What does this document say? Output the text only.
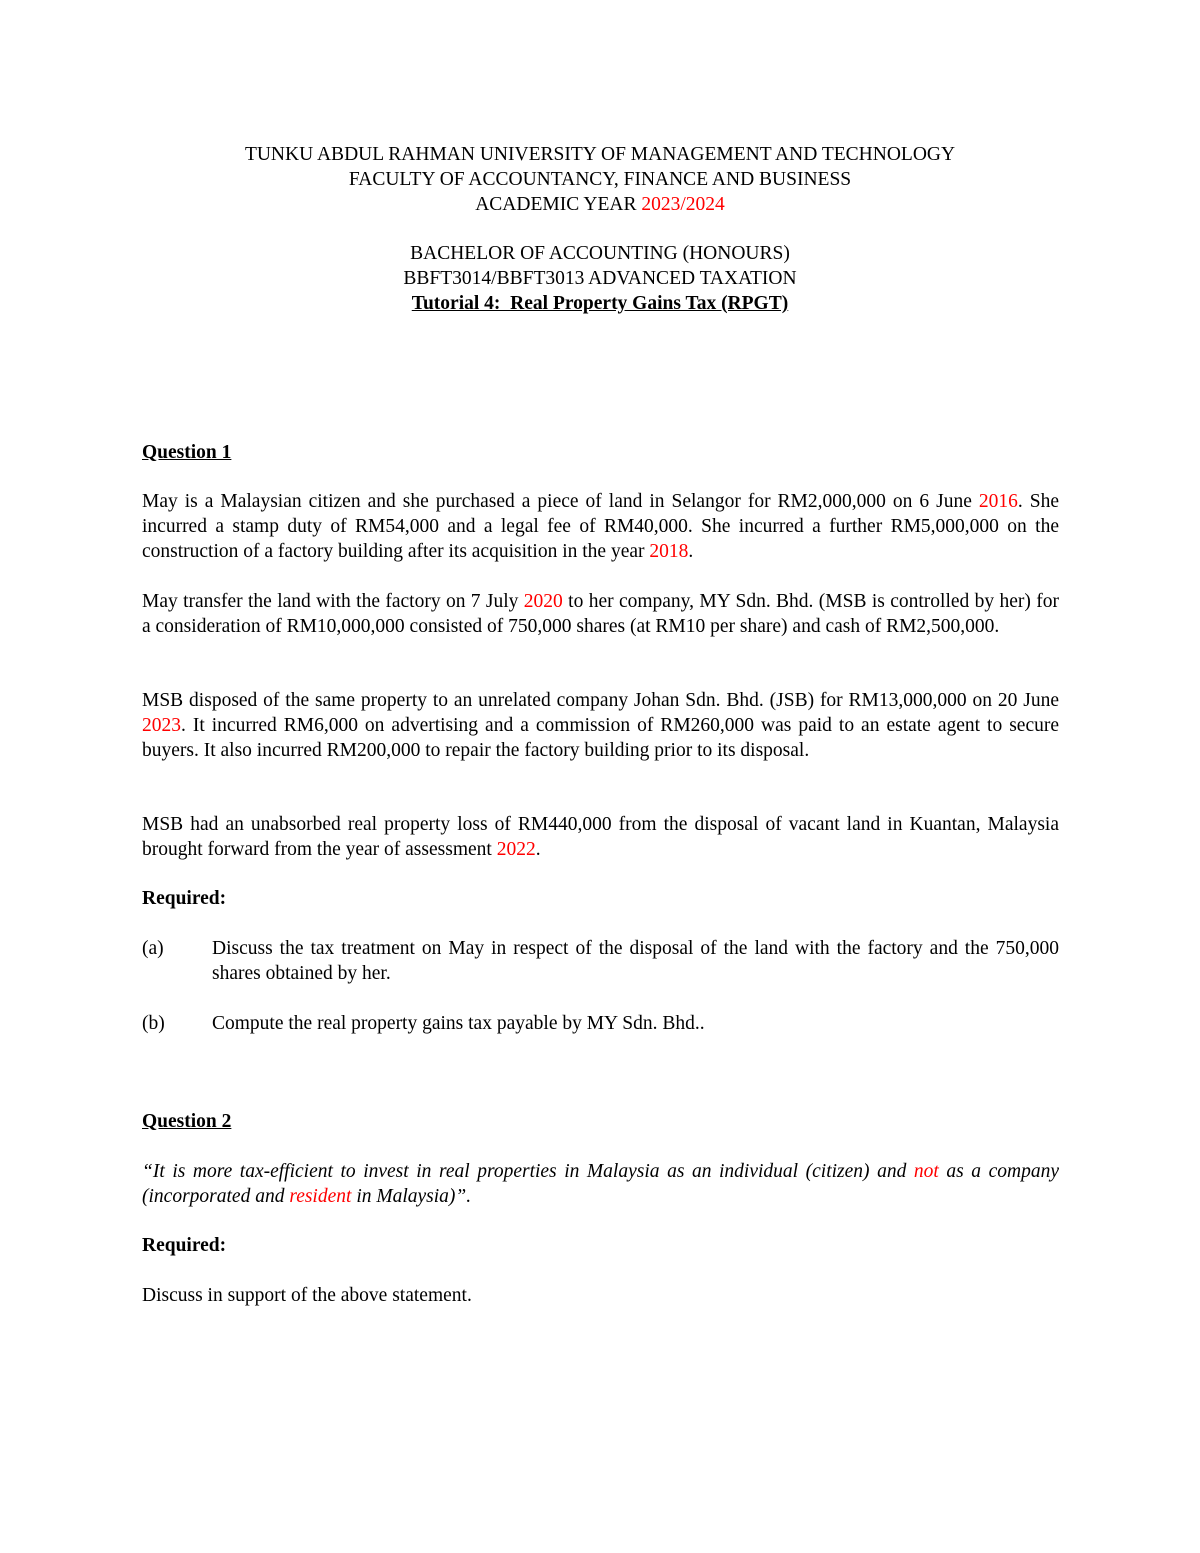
TUNKU ABDUL RAHMAN UNIVERSITY OF MANAGEMENT AND TECHNOLOGY
FACULTY OF ACCOUNTANCY, FINANCE AND BUSINESS
ACADEMIC YEAR 2023/2024
BACHELOR OF ACCOUNTING (HONOURS)
BBFT3014/BBFT3013 ADVANCED TAXATION
Tutorial 4:  Real Property Gains Tax (RPGT)
Question 1
May is a Malaysian citizen and she purchased a piece of land in Selangor for RM2,000,000 on 6 June 2016. She incurred a stamp duty of RM54,000 and a legal fee of RM40,000. She incurred a further RM5,000,000 on the construction of a factory building after its acquisition in the year 2018.
May transfer the land with the factory on 7 July 2020 to her company, MY Sdn. Bhd. (MSB is controlled by her) for a consideration of RM10,000,000 consisted of 750,000 shares (at RM10 per share) and cash of RM2,500,000.
MSB disposed of the same property to an unrelated company Johan Sdn. Bhd. (JSB) for RM13,000,000 on 20 June 2023. It incurred RM6,000 on advertising and a commission of RM260,000 was paid to an estate agent to secure buyers. It also incurred RM200,000 to repair the factory building prior to its disposal.
MSB had an unabsorbed real property loss of RM440,000 from the disposal of vacant land in Kuantan, Malaysia brought forward from the year of assessment 2022.
Required:
(a) Discuss the tax treatment on May in respect of the disposal of the land with the factory and the 750,000 shares obtained by her.
(b) Compute the real property gains tax payable by MY Sdn. Bhd..
Question 2
“It is more tax-efficient to invest in real properties in Malaysia as an individual (citizen) and not as a company (incorporated and resident in Malaysia)”.
Required:
Discuss in support of the above statement.
